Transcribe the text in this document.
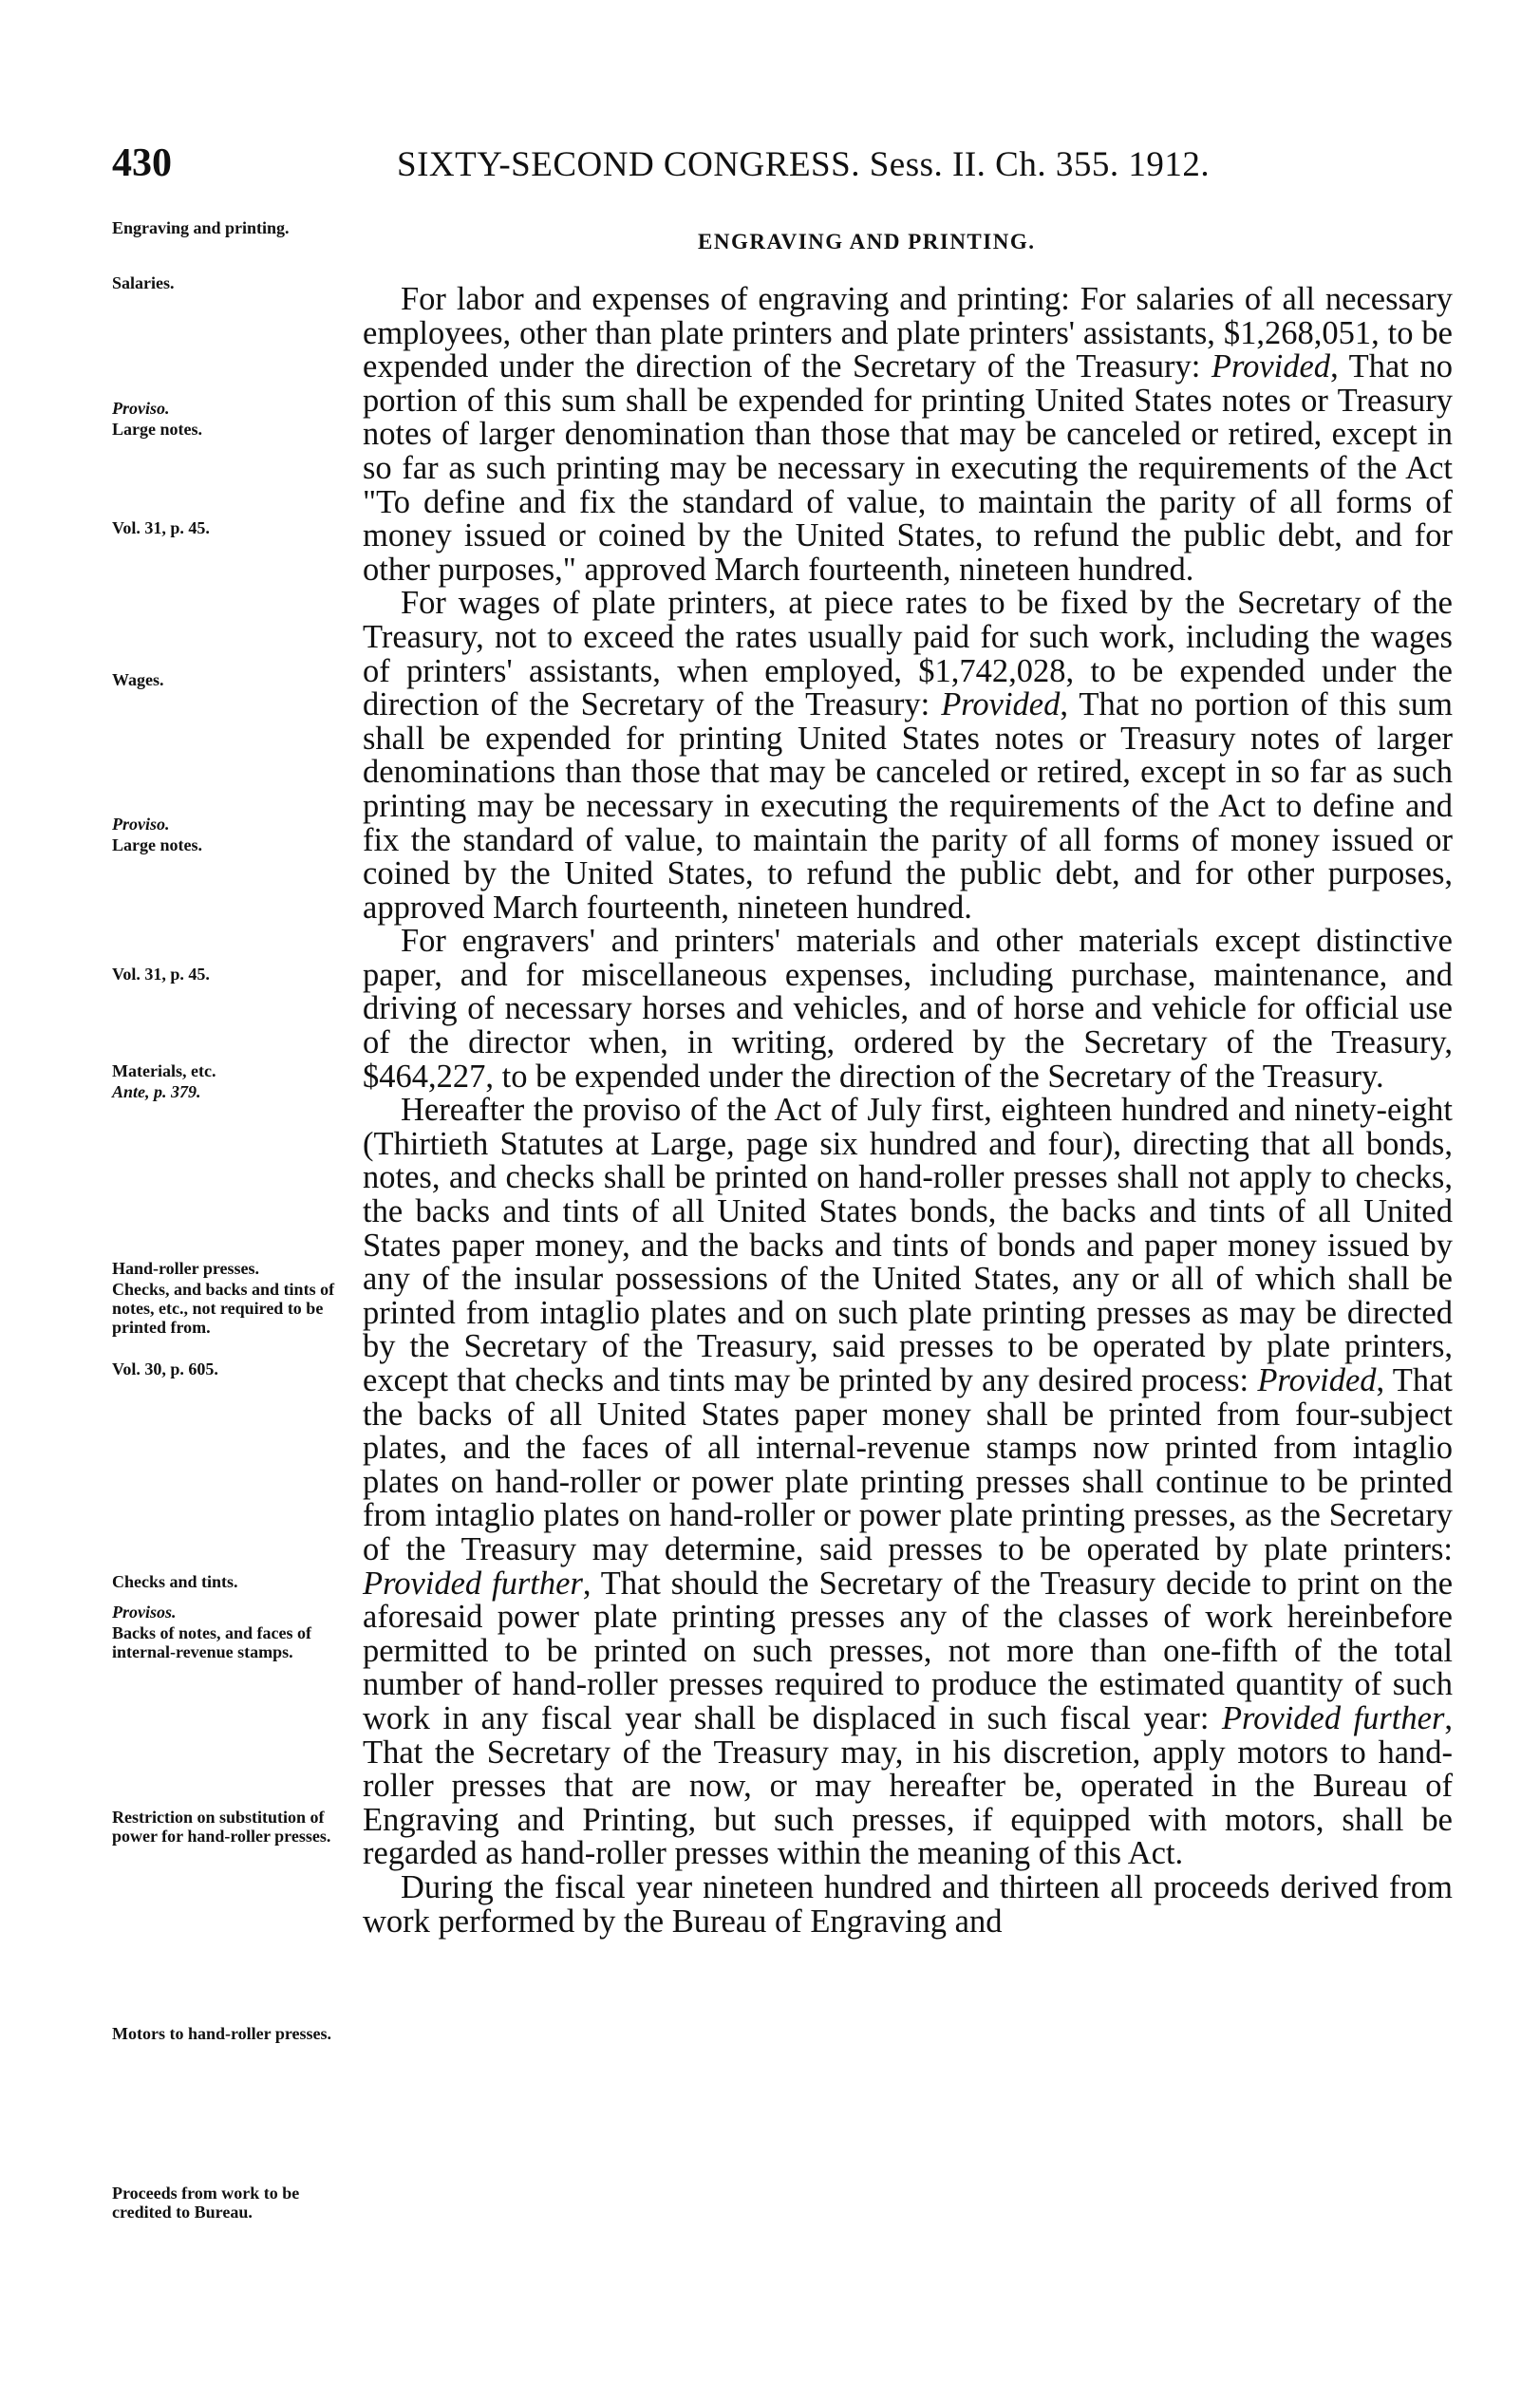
430	SIXTY-SECOND CONGRESS. Sess. II. Ch. 355. 1912.
ENGRAVING AND PRINTING.
Engraving and printing.
Salaries.
Proviso.
Large notes.
Vol. 31, p. 45.
Wages.
Proviso.
Large notes.
Vol. 31, p. 45.
Materials, etc.
Ante, p. 379.
Hand-roller presses.
Checks, and backs and tints of notes, etc., not required to be printed from.
Vol. 30, p. 605.
Checks and tints.
Provisos.
Backs of notes, and faces of internal-revenue stamps.
Restriction on substitution of power for hand-roller presses.
Motors to hand-roller presses.
Proceeds from work to be credited to Bureau.

For labor and expenses of engraving and printing: For salaries of all necessary employees, other than plate printers and plate printers' assistants, $1,268,051, to be expended under the direction of the Secretary of the Treasury: Provided, That no portion of this sum shall be expended for printing United States notes or Treasury notes of larger denomination than those that may be canceled or retired, except in so far as such printing may be necessary in executing the requirements of the Act "To define and fix the standard of value, to maintain the parity of all forms of money issued or coined by the United States, to refund the public debt, and for other purposes," approved March fourteenth, nineteen hundred.

For wages of plate printers, at piece rates to be fixed by the Secretary of the Treasury, not to exceed the rates usually paid for such work, including the wages of printers' assistants, when employed, $1,742,028, to be expended under the direction of the Secretary of the Treasury: Provided, That no portion of this sum shall be expended for printing United States notes or Treasury notes of larger denominations than those that may be canceled or retired, except in so far as such printing may be necessary in executing the requirements of the Act to define and fix the standard of value, to maintain the parity of all forms of money issued or coined by the United States, to refund the public debt, and for other purposes, approved March fourteenth, nineteen hundred.

For engravers' and printers' materials and other materials except distinctive paper, and for miscellaneous expenses, including purchase, maintenance, and driving of necessary horses and vehicles, and of horse and vehicle for official use of the director when, in writing, ordered by the Secretary of the Treasury, $464,227, to be expended under the direction of the Secretary of the Treasury.

Hereafter the proviso of the Act of July first, eighteen hundred and ninety-eight (Thirtieth Statutes at Large, page six hundred and four), directing that all bonds, notes, and checks shall be printed on hand-roller presses shall not apply to checks, the backs and tints of all United States bonds, the backs and tints of all United States paper money, and the backs and tints of bonds and paper money issued by any of the insular possessions of the United States, any or all of which shall be printed from intaglio plates and on such plate printing presses as may be directed by the Secretary of the Treasury, said presses to be operated by plate printers, except that checks and tints may be printed by any desired process: Provided, That the backs of all United States paper money shall be printed from four-subject plates, and the faces of all internal-revenue stamps now printed from intaglio plates on hand-roller or power plate printing presses shall continue to be printed from intaglio plates on hand-roller or power plate printing presses, as the Secretary of the Treasury may determine, said presses to be operated by plate printers: Provided further, That should the Secretary of the Treasury decide to print on the aforesaid power plate printing presses any of the classes of work hereinbefore permitted to be printed on such presses, not more than one-fifth of the total number of hand-roller presses required to produce the estimated quantity of such work in any fiscal year shall be displaced in such fiscal year: Provided further, That the Secretary of the Treasury may, in his discretion, apply motors to hand-roller presses that are now, or may hereafter be, operated in the Bureau of Engraving and Printing, but such presses, if equipped with motors, shall be regarded as hand-roller presses within the meaning of this Act.

During the fiscal year nineteen hundred and thirteen all proceeds derived from work performed by the Bureau of Engraving and
